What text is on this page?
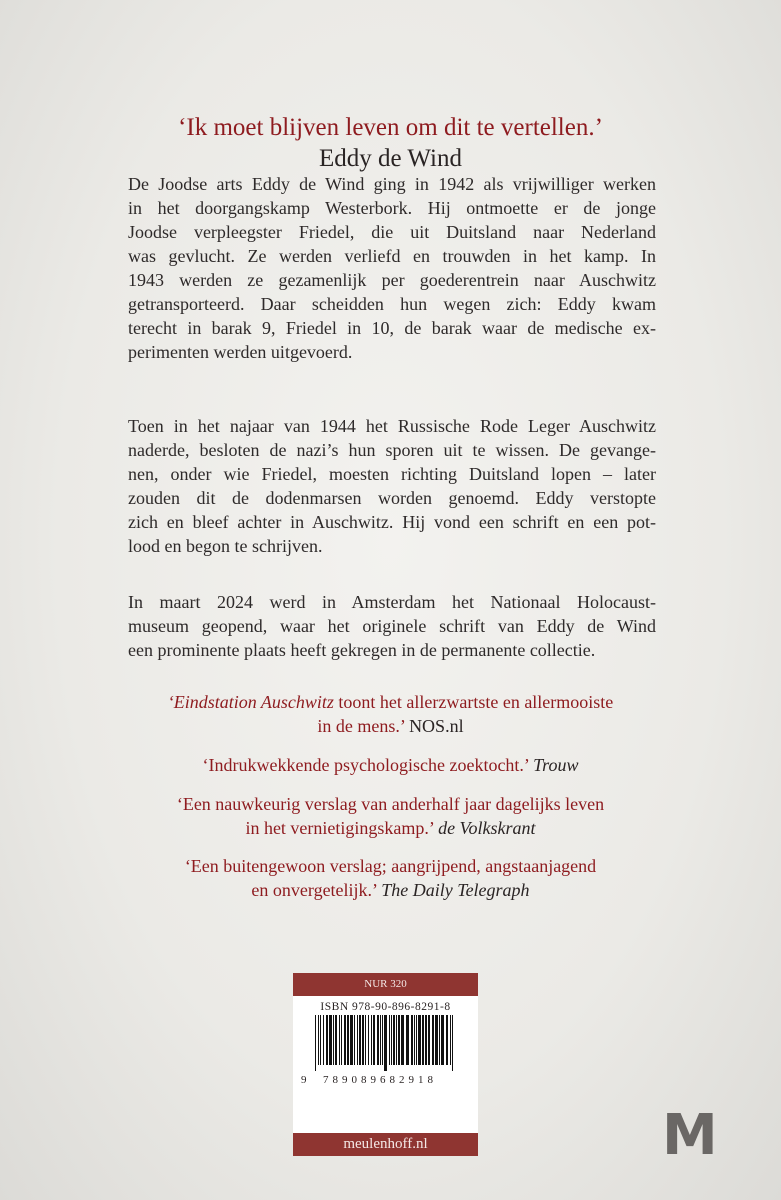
‘Ik moet blijven leven om dit te vertellen.’
Eddy de Wind
De Joodse arts Eddy de Wind ging in 1942 als vrijwilliger werken
in het doorgangskamp Westerbork. Hij ontmoette er de jonge
Joodse verpleegster Friedel, die uit Duitsland naar Nederland
was gevlucht. Ze werden verliefd en trouwden in het kamp. In
1943 werden ze gezamenlijk per goederentrein naar Auschwitz
getransporteerd. Daar scheidden hun wegen zich: Eddy kwam
terecht in barak 9, Friedel in 10, de barak waar de medische ex-
perimenten werden uitgevoerd.
Toen in het najaar van 1944 het Russische Rode Leger Auschwitz
naderde, besloten de nazi’s hun sporen uit te wissen. De gevange-
nen, onder wie Friedel, moesten richting Duitsland lopen – later
zouden dit de dodenmarsen worden genoemd. Eddy verstopte
zich en bleef achter in Auschwitz. Hij vond een schrift en een pot-
lood en begon te schrijven.
In maart 2024 werd in Amsterdam het Nationaal Holocaust-
museum geopend, waar het originele schrift van Eddy de Wind
een prominente plaats heeft gekregen in de permanente collectie.
‘Eindstation Auschwitz toont het allerzwartste en allermooiste
in de mens.’ NOS.nl
‘Indrukwekkende psychologische zoektocht.’ Trouw
‘Een nauwkeurig verslag van anderhalf jaar dagelijks leven
in het vernietigingskamp.’ de Volkskrant
‘Een buitengewoon verslag; aangrijpend, angstaanjagend
en onvergetelijk.’ The Daily Telegraph
NUR 320
ISBN 978-90-896-8291-8
9 789089682918
meulenhoff.nl	M
